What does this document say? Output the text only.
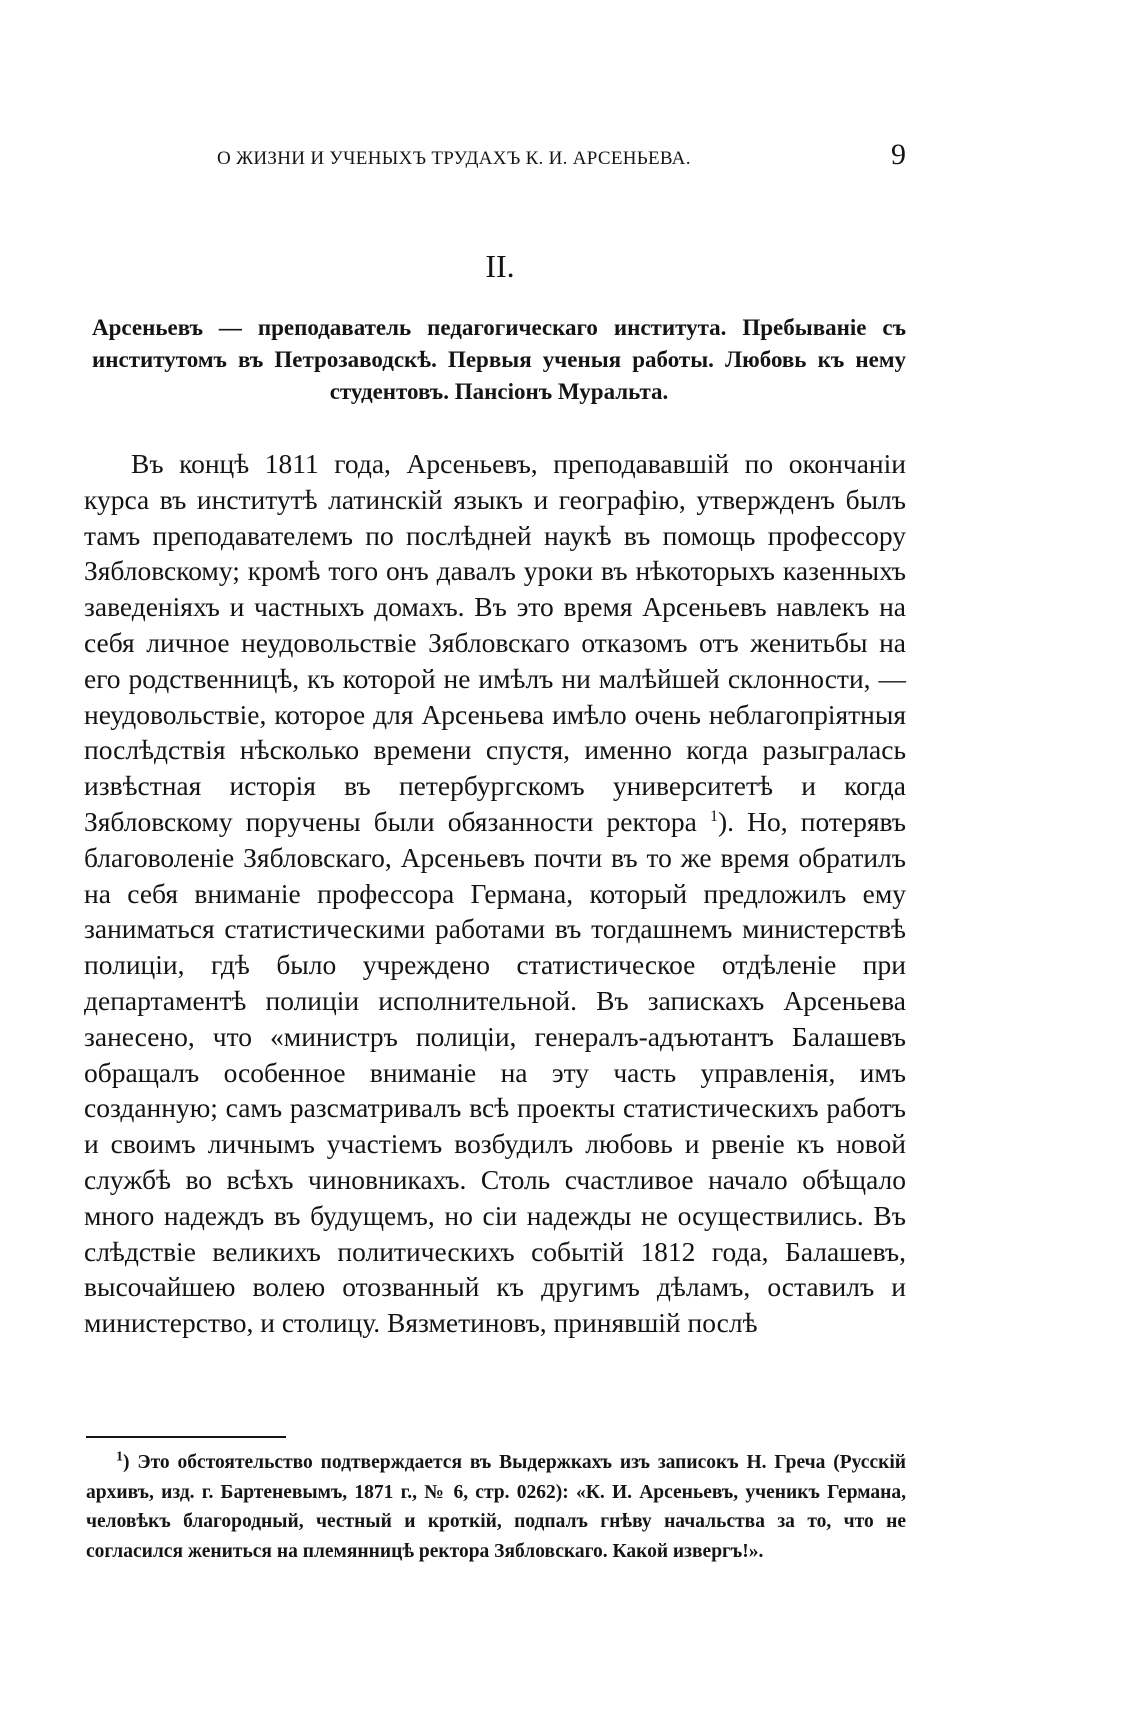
О ЖИЗНИ И УЧЕНЫХЪ ТРУДАХЪ К. И. АРСЕНЬЕВА.	9
II.
Арсеньевъ — преподаватель педагогическаго института. Пребываніе съ институтомъ въ Петрозаводскѣ. Первыя ученыя работы. Любовь къ нему студентовъ. Пансіонъ Муральта.

Въ концѣ 1811 года, Арсеньевъ, преподававшій по окончаніи курса въ институтѣ латинскій языкъ и географію, утвержденъ былъ тамъ преподавателемъ по послѣдней наукѣ въ помощь профессору Зябловскому; кромѣ того онъ давалъ уроки въ нѣкоторыхъ казенныхъ заведеніяхъ и частныхъ домахъ. Въ это время Арсеньевъ навлекъ на себя личное неудовольствіе Зябловскаго отказомъ отъ женитьбы на его родственницѣ, къ которой не имѣлъ ни малѣйшей склонности, — неудовольствіе, которое для Арсеньева имѣло очень неблагопріятныя послѣдствія нѣсколько времени спустя, именно когда разыгралась извѣстная исторія въ петербургскомъ университетѣ и когда Зябловскому поручены были обязанности ректора $^1$). Но, потерявъ благоволеніе Зябловскаго, Арсеньевъ почти въ то же время обратилъ на себя вниманіе профессора Германа, который предложилъ ему заниматься статистическими работами въ тогдашнемъ министерствѣ полиціи, гдѣ было учреждено статистическое отдѣленіе при департаментѣ полиціи исполнительной. Въ запискахъ Арсеньева занесено, что «министръ полиціи, генералъ-адъютантъ Балашевъ обращалъ особенное вниманіе на эту часть управленія, имъ созданную; самъ разсматривалъ всѣ проекты статистическихъ работъ и своимъ личнымъ участіемъ возбудилъ любовь и рвеніе къ новой службѣ во всѣхъ чиновникахъ. Столь счастливое начало обѣщало много надеждъ въ будущемъ, но сіи надежды не осуществились. Въ слѣдствіе великихъ политическихъ событій 1812 года, Балашевъ, высочайшею волею отозванный къ другимъ дѣламъ, оставилъ и министерство, и столицу. Вязметиновъ, принявшій послѣ

$^1$) Это обстоятельство подтверждается въ Выдержкахъ изъ записокъ Н. Греча (Русскій архивъ, изд. г. Бартеневымъ, 1871 г., № 6, стр. 0262): «К. И. Арсеньевъ, ученикъ Германа, человѣкъ благородный, честный и кроткій, подпалъ гнѣву начальства за то, что не согласился жениться на племянницѣ ректора Зябловскаго. Какой извергъ!».
